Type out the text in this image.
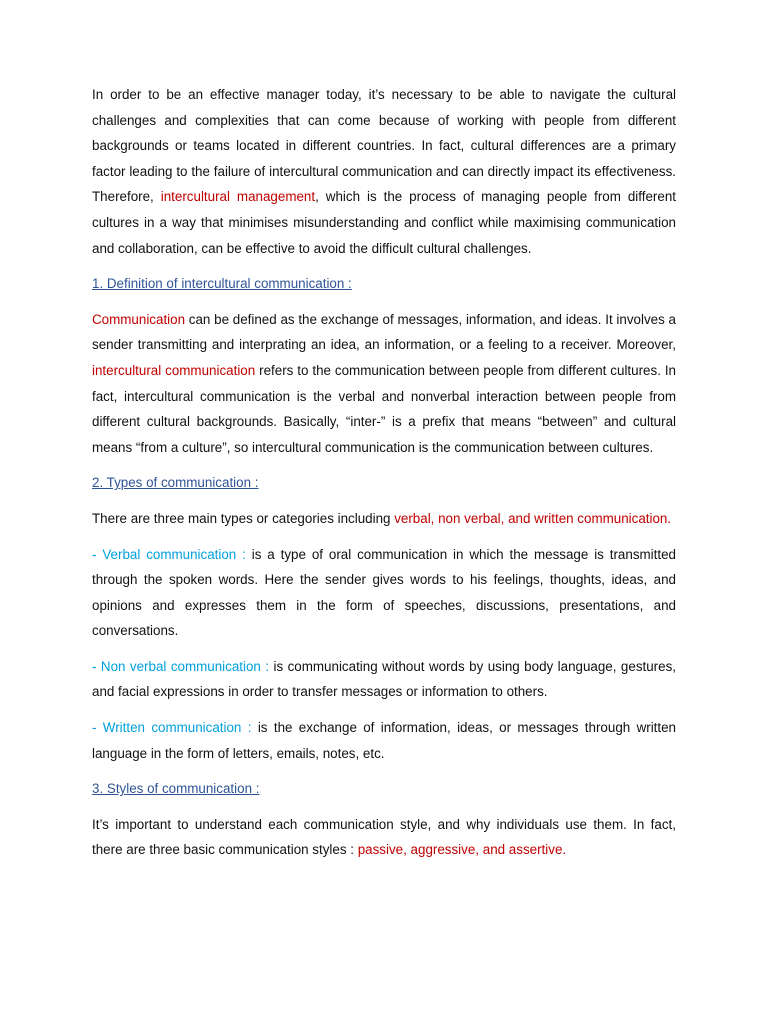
In order to be an effective manager today, it’s necessary to be able to navigate the cultural challenges and complexities that can come because of working with people from different backgrounds or teams located in different countries. In fact, cultural differences are a primary factor leading to the failure of intercultural communication and can directly impact its effectiveness. Therefore, intercultural management, which is the process of managing people from different cultures in a way that minimises misunderstanding and conflict while maximising communication and collaboration, can be effective to avoid the difficult cultural challenges.

1. Definition of intercultural communication :

Communication can be defined as the exchange of messages, information, and ideas. It involves a sender transmitting and interprating an idea, an information, or a feeling to a receiver. Moreover, intercultural communication refers to the communication between people from different cultures. In fact, intercultural communication is the verbal and nonverbal interaction between people from different cultural backgrounds. Basically, “inter-” is a prefix that means “between” and cultural means “from a culture”, so intercultural communication is the communication between cultures.

2. Types of communication :

There are three main types or categories including verbal, non verbal, and written communication.

- Verbal communication : is a type of oral communication in which the message is transmitted through the spoken words. Here the sender gives words to his feelings, thoughts, ideas, and opinions and expresses them in the form of speeches, discussions, presentations, and conversations.

- Non verbal communication : is communicating without words by using body language, gestures, and facial expressions in order to transfer messages or information to others.

- Written communication : is the exchange of information, ideas, or messages through written language in the form of letters, emails, notes, etc.

3. Styles of communication :

It’s important to understand each communication style, and why individuals use them. In fact, there are three basic communication styles : passive, aggressive, and assertive.
